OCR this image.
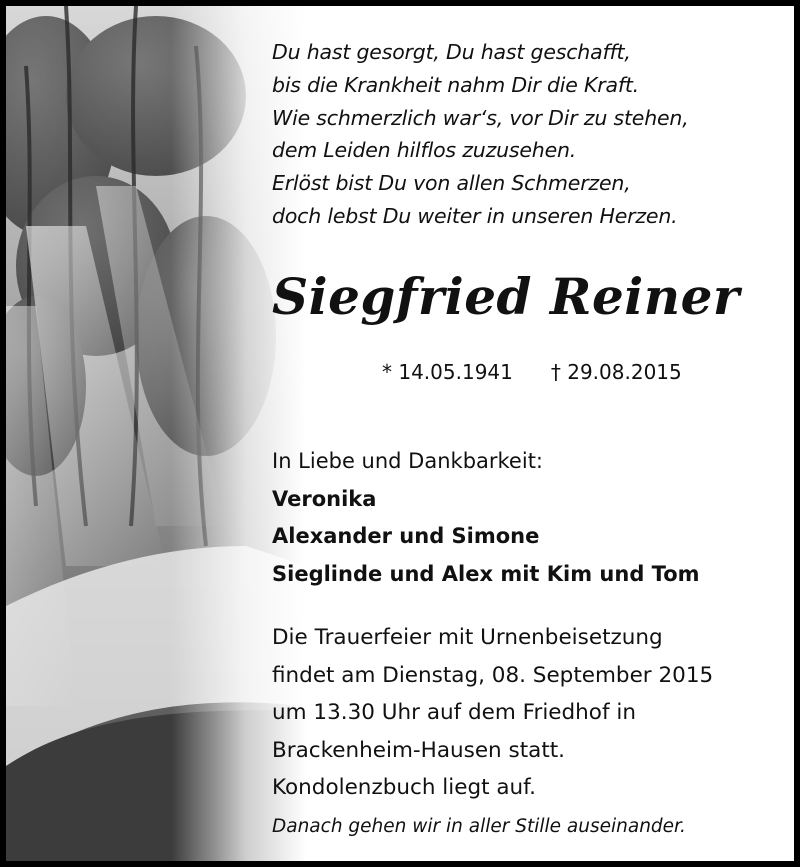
Du hast gesorgt, Du hast geschafft,
bis die Krankheit nahm Dir die Kraft.
Wie schmerzlich war‘s, vor Dir zu stehen,
dem Leiden hilflos zuzusehen.
Erlöst bist Du von allen Schmerzen,
doch lebst Du weiter in unseren Herzen.
Siegfried Reiner
* 14.05.1941 † 29.08.2015
In Liebe und Dankbarkeit:
Veronika
Alexander und Simone
Sieglinde und Alex mit Kim und Tom
Die Trauerfeier mit Urnenbeisetzung
findet am Dienstag, 08. September 2015
um 13.30 Uhr auf dem Friedhof in
Brackenheim-Hausen statt.
Kondolenzbuch liegt auf.
Danach gehen wir in aller Stille auseinander.
